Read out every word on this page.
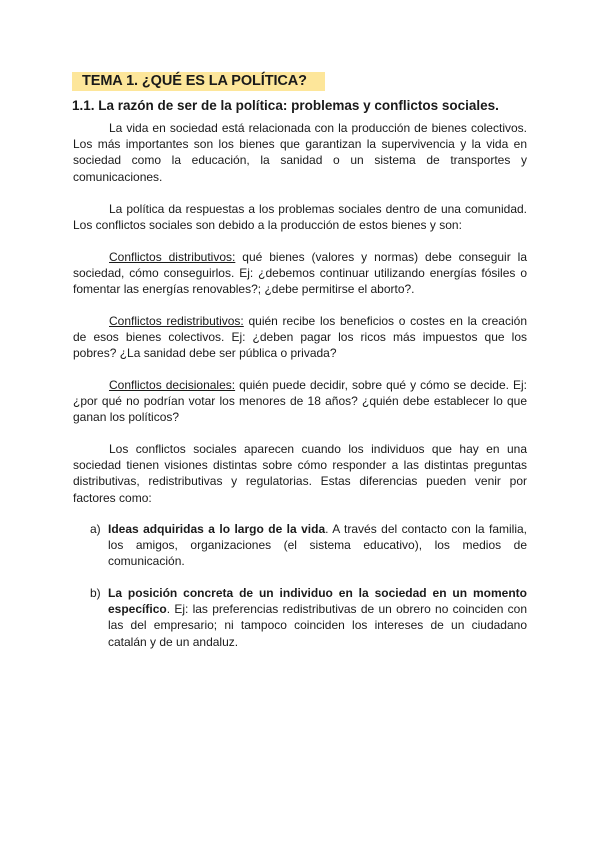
TEMA 1. ¿QUÉ ES LA POLÍTICA?
1.1. La razón de ser de la política: problemas y conflictos sociales.

La vida en sociedad está relacionada con la producción de bienes colectivos. Los más importantes son los bienes que garantizan la supervivencia y la vida en sociedad como la educación, la sanidad o un sistema de transportes y comunicaciones.

La política da respuestas a los problemas sociales dentro de una comunidad. Los conflictos sociales son debido a la producción de estos bienes y son:

Conflictos distributivos: qué bienes (valores y normas) debe conseguir la sociedad, cómo conseguirlos. Ej: ¿debemos continuar utilizando energías fósiles o fomentar las energías renovables?; ¿debe permitirse el aborto?.

Conflictos redistributivos: quién recibe los beneficios o costes en la creación de esos bienes colectivos. Ej: ¿deben pagar los ricos más impuestos que los pobres? ¿La sanidad debe ser pública o privada?

Conflictos decisionales: quién puede decidir, sobre qué y cómo se decide. Ej: ¿por qué no podrían votar los menores de 18 años? ¿quién debe establecer lo que ganan los políticos?

Los conflictos sociales aparecen cuando los individuos que hay en una sociedad tienen visiones distintas sobre cómo responder a las distintas preguntas distributivas, redistributivas y regulatorias. Estas diferencias pueden venir por factores como:

a) Ideas adquiridas a lo largo de la vida. A través del contacto con la familia, los amigos, organizaciones (el sistema educativo), los medios de comunicación.
b) La posición concreta de un individuo en la sociedad en un momento específico. Ej: las preferencias redistributivas de un obrero no coinciden con las del empresario; ni tampoco coinciden los intereses de un ciudadano catalán y de un andaluz.
